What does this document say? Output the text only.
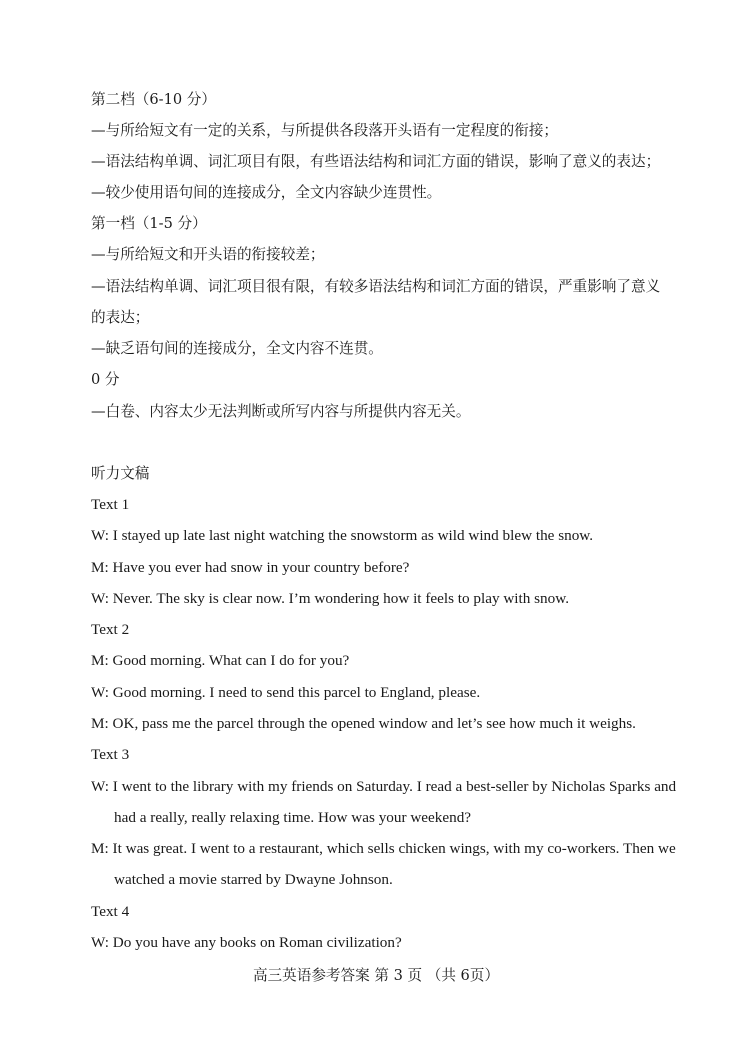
第二档（6-10 分）
—与所给短文有一定的关系，与所提供各段落开头语有一定程度的衔接；
—语法结构单调、词汇项目有限，有些语法结构和词汇方面的错误，影响了意义的表达；
—较少使用语句间的连接成分，全文内容缺少连贯性。
第一档（1-5 分）
—与所给短文和开头语的衔接较差；
—语法结构单调、词汇项目很有限，有较多语法结构和词汇方面的错误，严重影响了意义
的表达；
—缺乏语句间的连接成分，全文内容不连贯。
0 分
—白卷、内容太少无法判断或所写内容与所提供内容无关。
听力文稿
Text 1
W: I stayed up late last night watching the snowstorm as wild wind blew the snow.
M: Have you ever had snow in your country before?
W: Never. The sky is clear now. I’m wondering how it feels to play with snow.
Text 2
M: Good morning. What can I do for you?
W: Good morning. I need to send this parcel to England, please.
M: OK, pass me the parcel through the opened window and let’s see how much it weighs.
Text 3
W: I went to the library with my friends on Saturday. I read a best-seller by Nicholas Sparks and
had a really, really relaxing time. How was your weekend?
M: It was great. I went to a restaurant, which sells chicken wings, with my co-workers. Then we
watched a movie starred by Dwayne Johnson.
Text 4
W: Do you have any books on Roman civilization?
高三英语参考答案 第 3 页 （共 6页）
